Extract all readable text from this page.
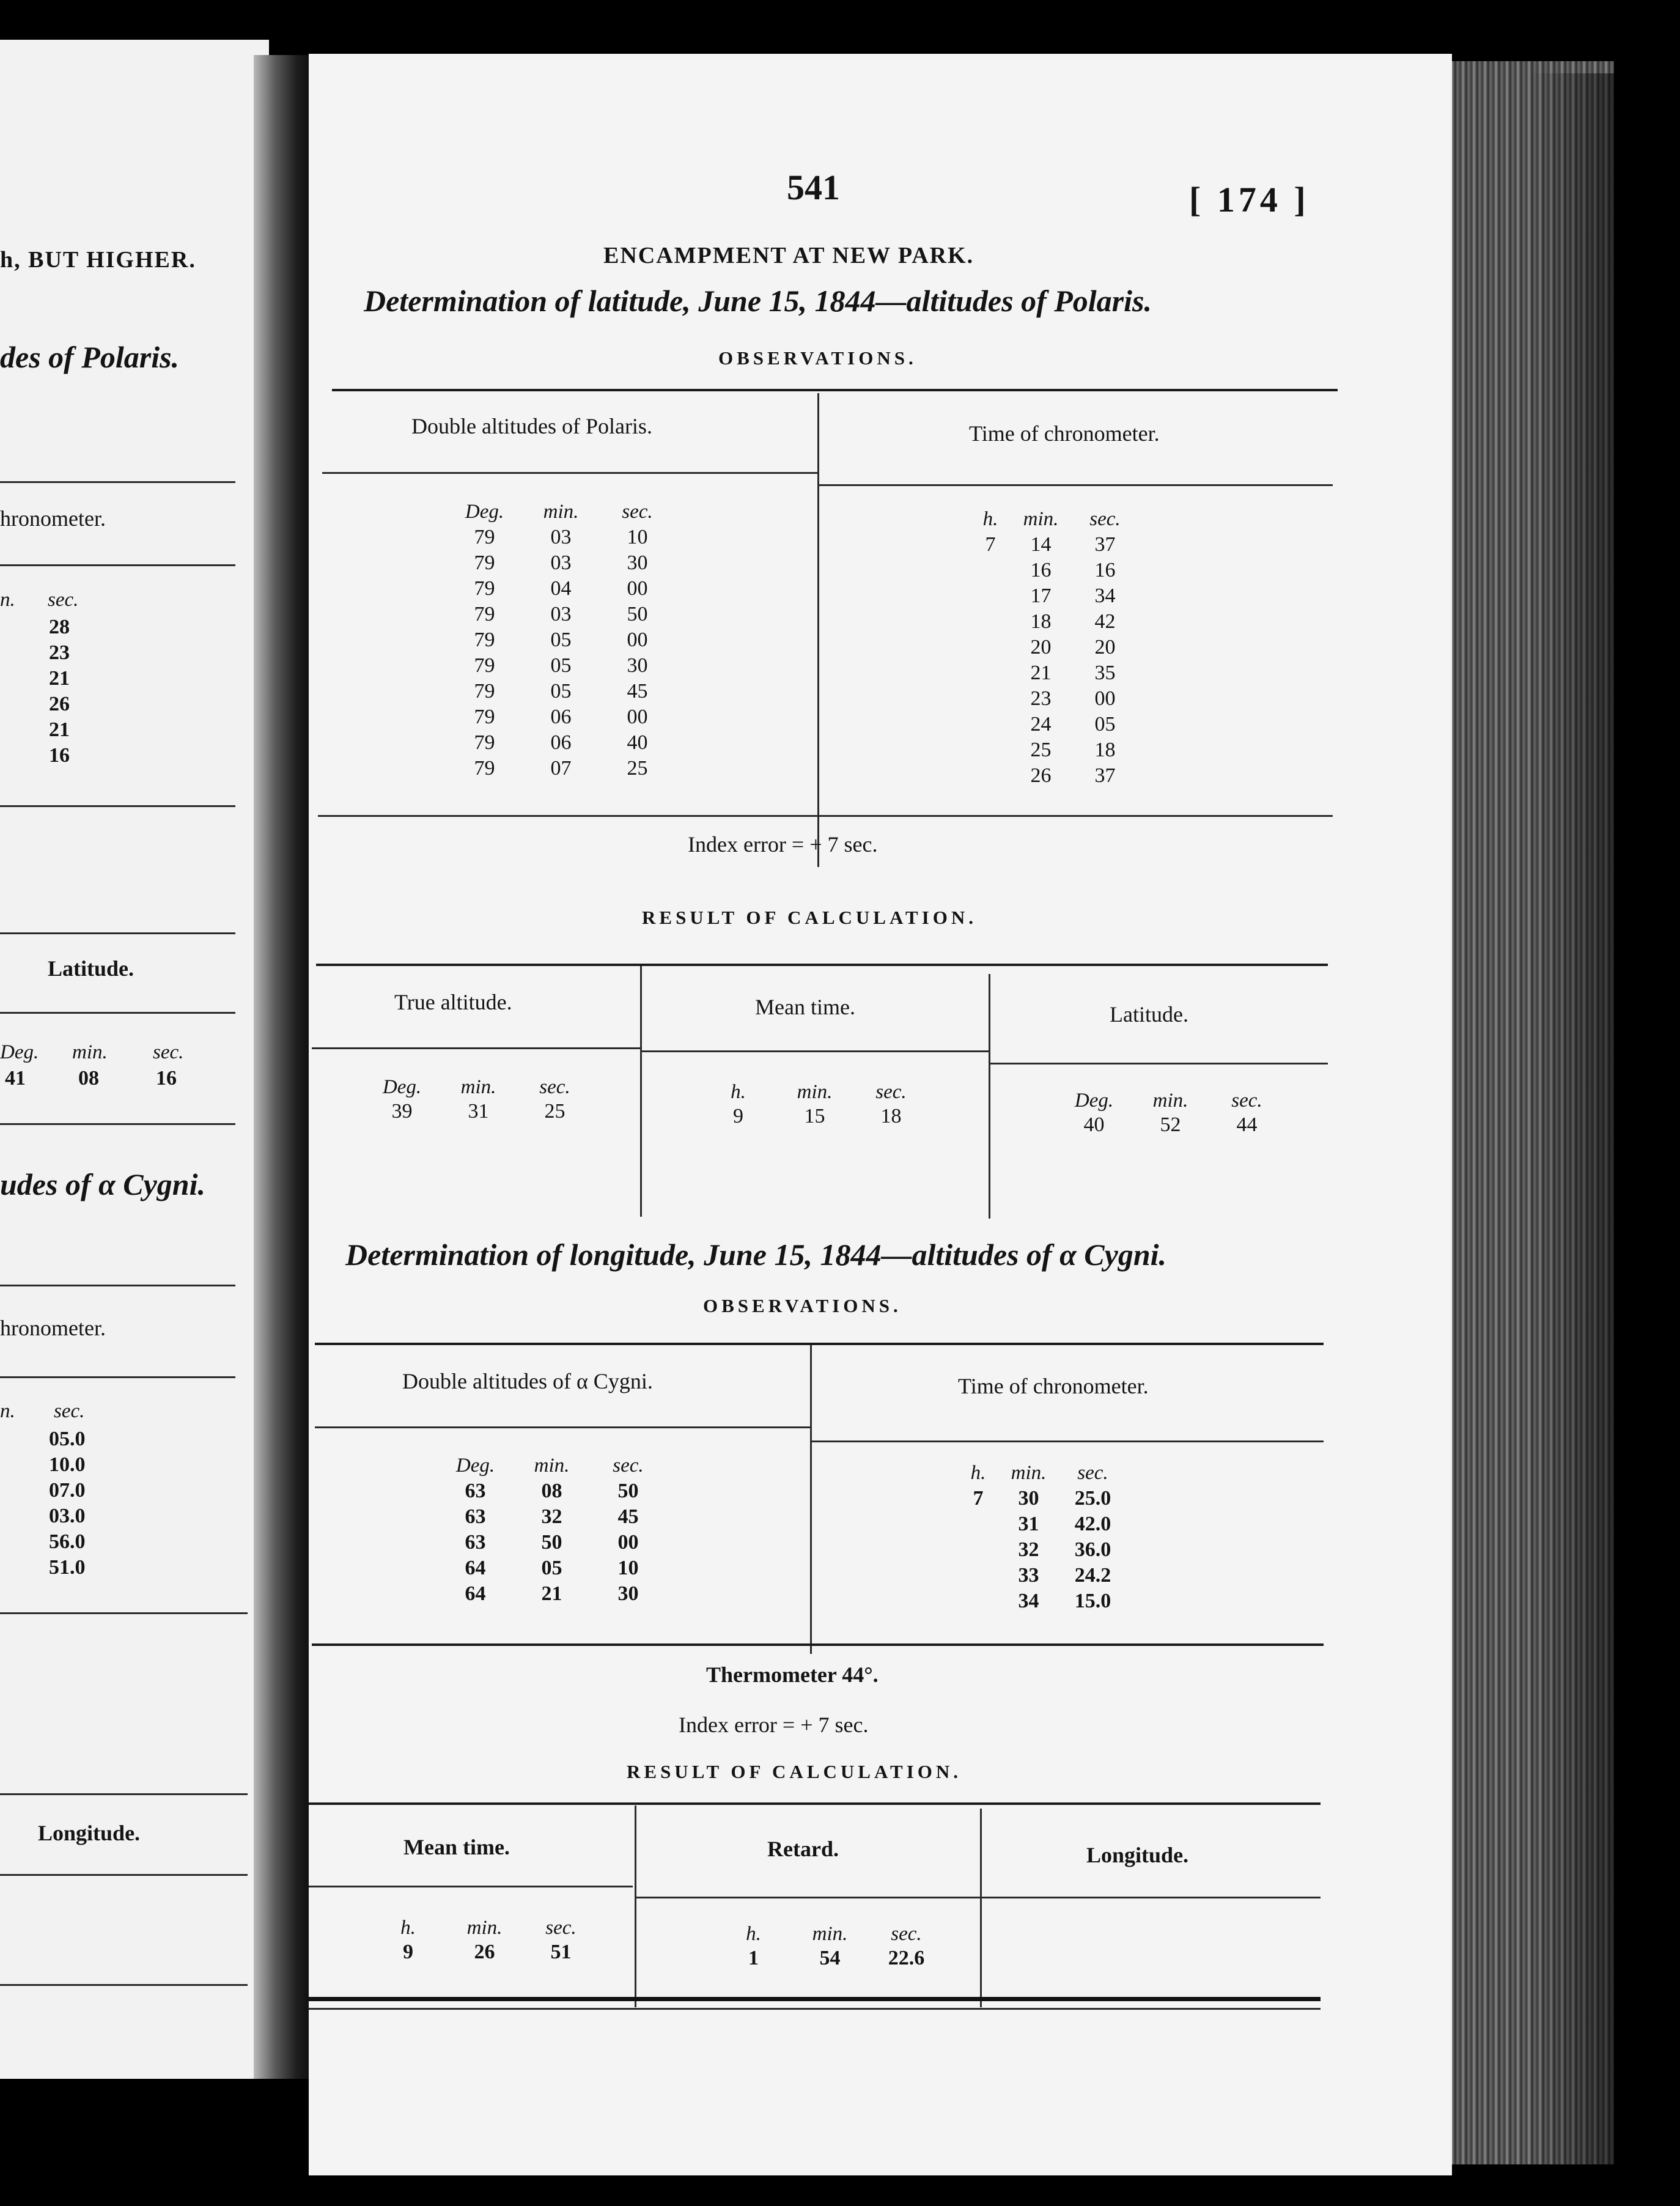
h, BUT HIGHER.
des of Polaris.
hronometer.
n. sec.
28
23
21
26
21
16
Latitude.
Deg. min. sec.
41	08	16
udes of α Cygni.
hronometer.
n. sec.
05.0
10.0
07.0
03.0
56.0
51.0
Longitude.
541	[ 174 ]
ENCAMPMENT AT NEW PARK.
Determination of latitude, June 15, 1844—altitudes of Polaris.
OBSERVATIONS.
Double altitudes of Polaris.	Time of chronometer.
Deg.	min.	sec.
79	03	10
79	03	30
79	04	00
79	03	50
79	05	00
79	05	30
79	05	45
79	06	00
79	06	40
79	07	25
h.	min.	sec.
7	14	37
16	16
17	34
18	42
20	20
21	35
23	00
24	05
25	18
26	37
Index error = + 7 sec.
RESULT OF CALCULATION.
True altitude.	Mean time.	Latitude.
Deg.	min.	sec.
39	31	25
h.	min.	sec.
9	15	18
Deg.	min.	sec.
40	52	44
Determination of longitude, June 15, 1844—altitudes of α Cygni.
OBSERVATIONS.
Double altitudes of α Cygni.	Time of chronometer.
Deg.	min.	sec.
63	08	50
63	32	45
63	50	00
64	05	10
64	21	30
h.	min.	sec.
7	30	25.0
31	42.0
32	36.0
33	24.2
34	15.0
Thermometer 44°.
Index error = + 7 sec.
RESULT OF CALCULATION.
Mean time.	Retard.	Longitude.
h.	min.	sec.
9	26	51
h.	min.	sec.
1	54	22.6
